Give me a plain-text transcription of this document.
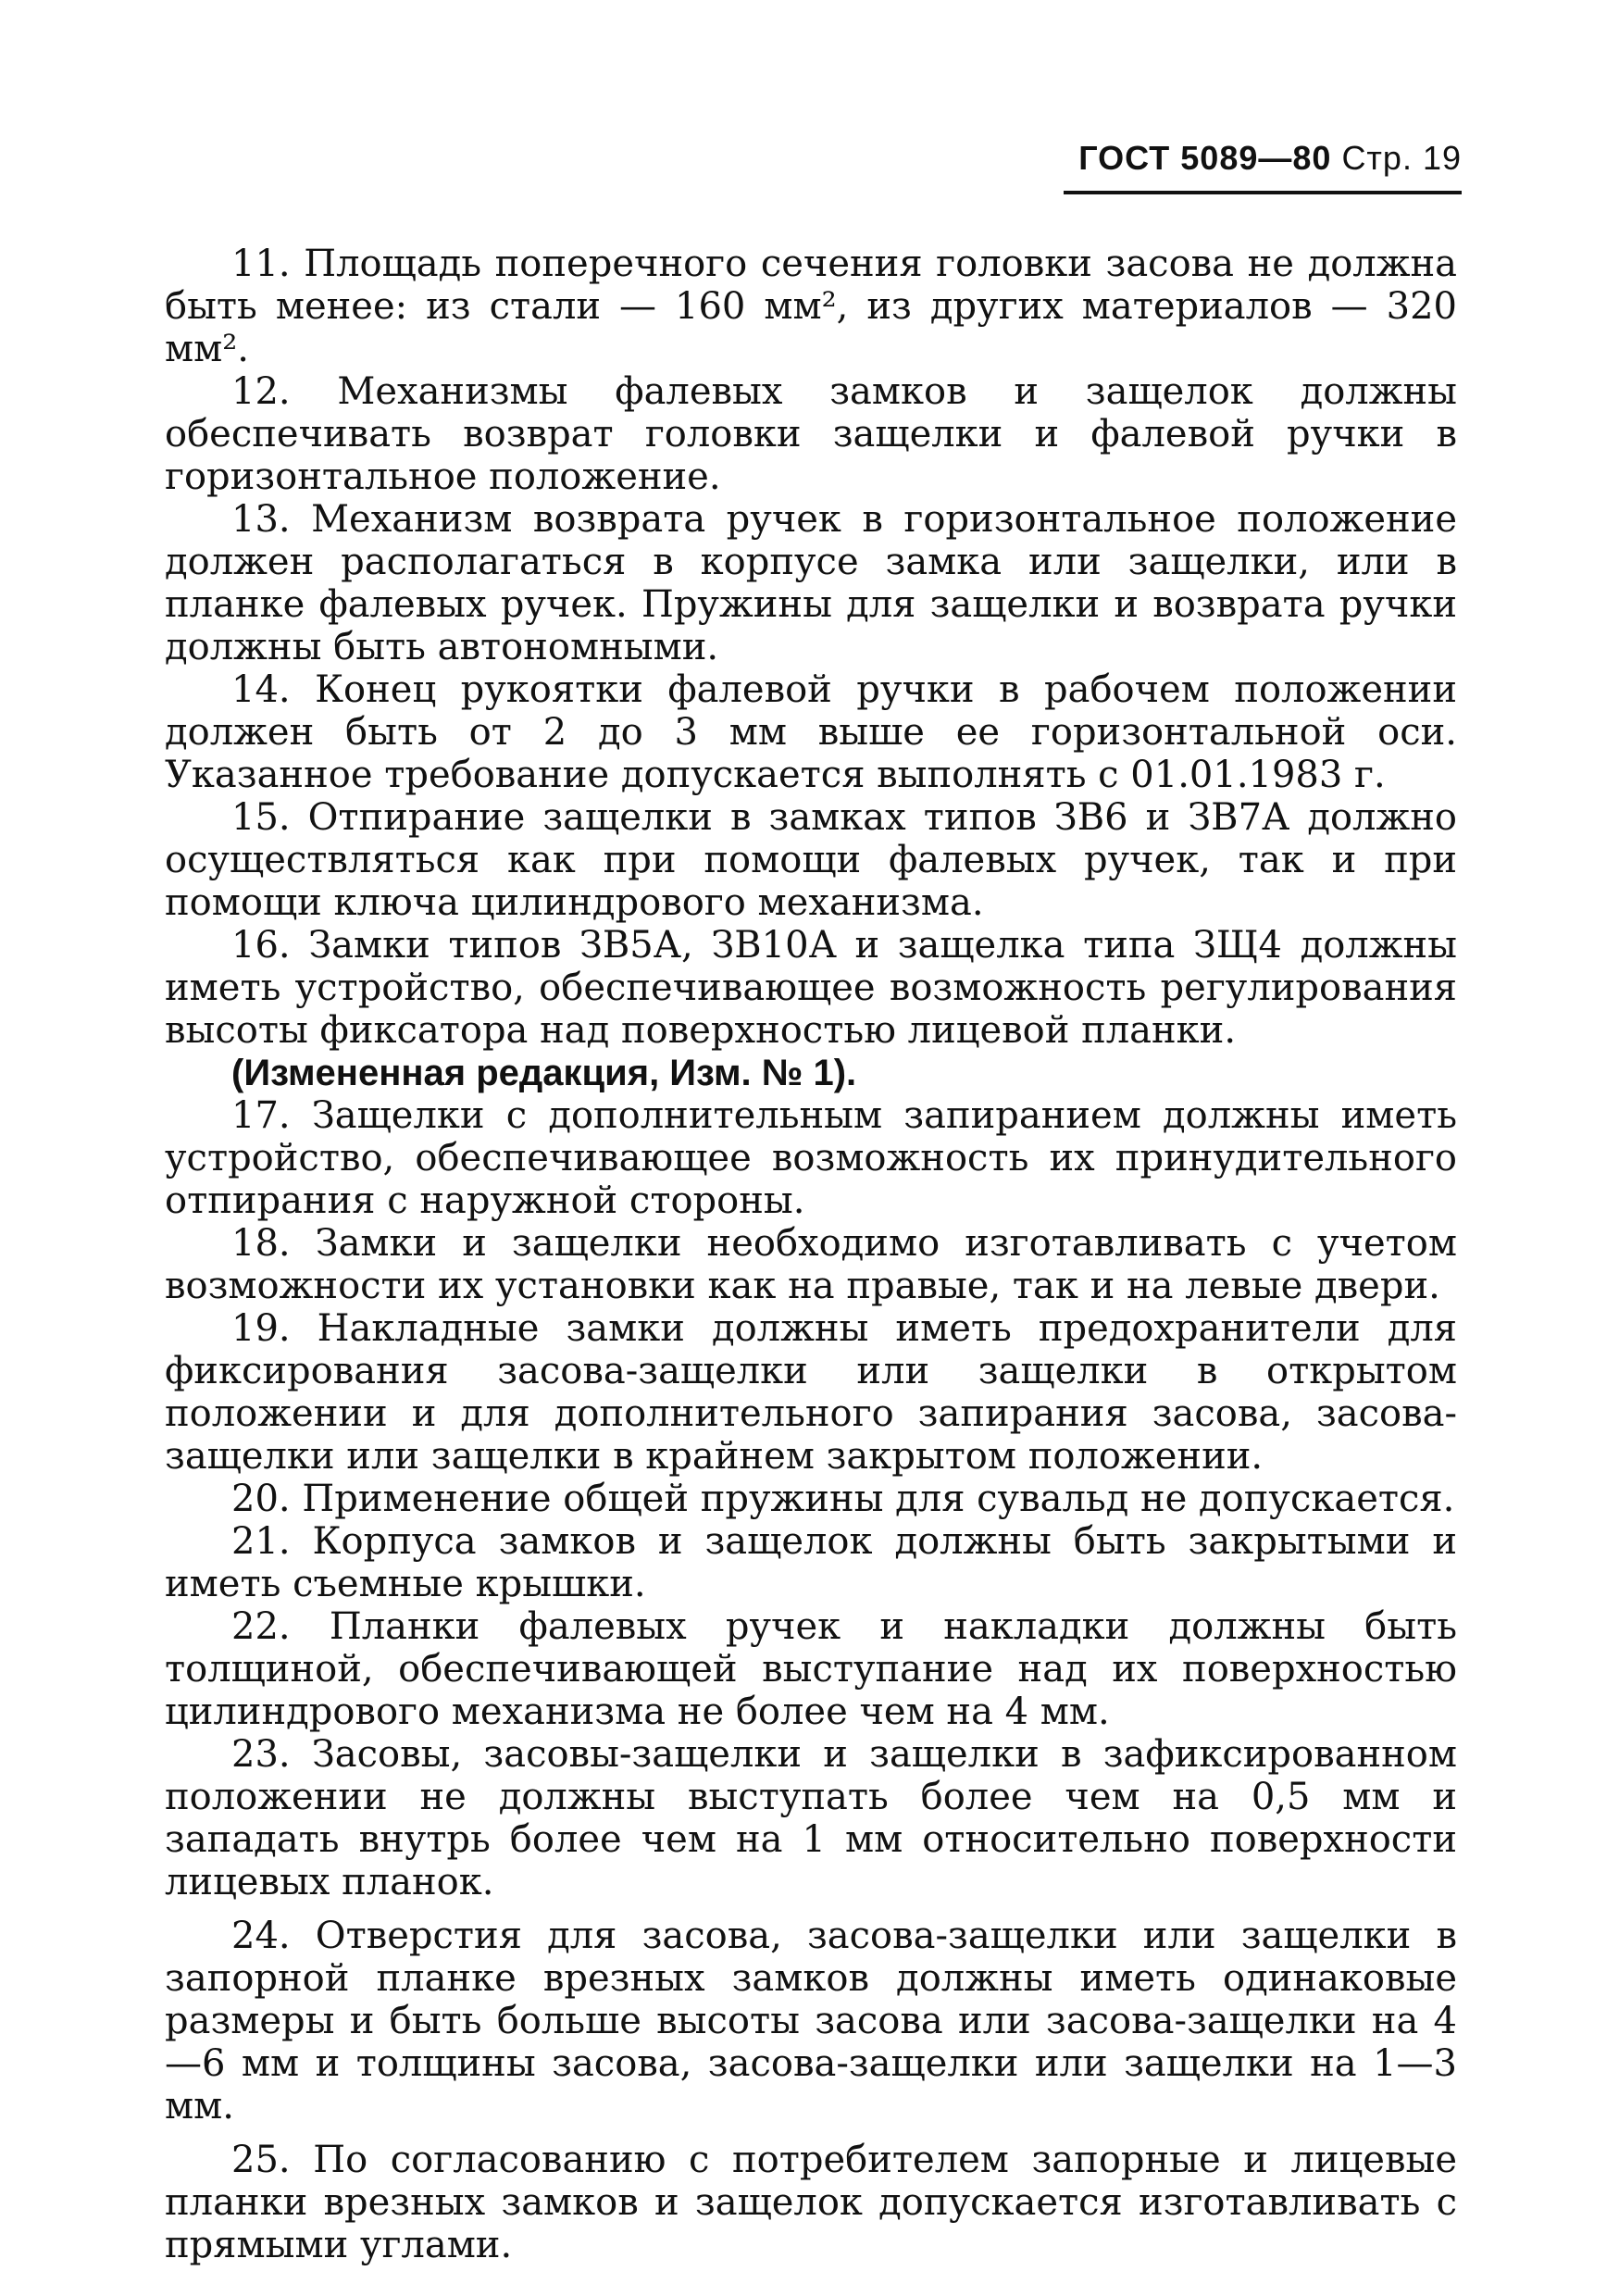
ГОСТ 5089—80 Стр. 19

11. Площадь поперечного сечения головки засова не должна быть менее: из стали — 160 мм², из других материалов — 320 мм².

12. Механизмы фалевых замков и защелок должны обеспечивать возврат головки защелки и фалевой ручки в горизонтальное положение.

13. Механизм возврата ручек в горизонтальное положение должен располагаться в корпусе замка или защелки, или в планке фалевых ручек. Пружины для защелки и возврата ручки должны быть автономными.

14. Конец рукоятки фалевой ручки в рабочем положении должен быть от 2 до 3 мм выше ее горизонтальной оси. Указанное требование допускается выполнять с 01.01.1983 г.

15. Отпирание защелки в замках типов ЗВ6 и ЗВ7А должно осуществляться как при помощи фалевых ручек, так и при помощи ключа цилиндрового механизма.

16. Замки типов ЗВ5А, ЗВ10А и защелка типа ЗЩ4 должны иметь устройство, обеспечивающее возможность регулирования высоты фиксатора над поверхностью лицевой планки.

(Измененная редакция, Изм. № 1).

17. Защелки с дополнительным запиранием должны иметь устройство, обеспечивающее возможность их принудительного отпирания с наружной стороны.

18. Замки и защелки необходимо изготавливать с учетом возможности их установки как на правые, так и на левые двери.

19. Накладные замки должны иметь предохранители для фиксирования засова-защелки или защелки в открытом положении и для дополнительного запирания засова, засова-защелки или защелки в крайнем закрытом положении.

20. Применение общей пружины для сувальд не допускается.

21. Корпуса замков и защелок должны быть закрытыми и иметь съемные крышки.

22. Планки фалевых ручек и накладки должны быть толщиной, обеспечивающей выступание над их поверхностью цилиндрового механизма не более чем на 4 мм.

23. Засовы, засовы-защелки и защелки в зафиксированном положении не должны выступать более чем на 0,5 мм и западать внутрь более чем на 1 мм относительно поверхности лицевых планок.

24. Отверстия для засова, засова-защелки или защелки в запорной планке врезных замков должны иметь одинаковые размеры и быть больше высоты засова или засова-защелки на 4—6 мм и толщины засова, засова-защелки или защелки на 1—3 мм.

25. По согласованию с потребителем запорные и лицевые планки врезных замков и защелок допускается изготавливать с прямыми углами.
